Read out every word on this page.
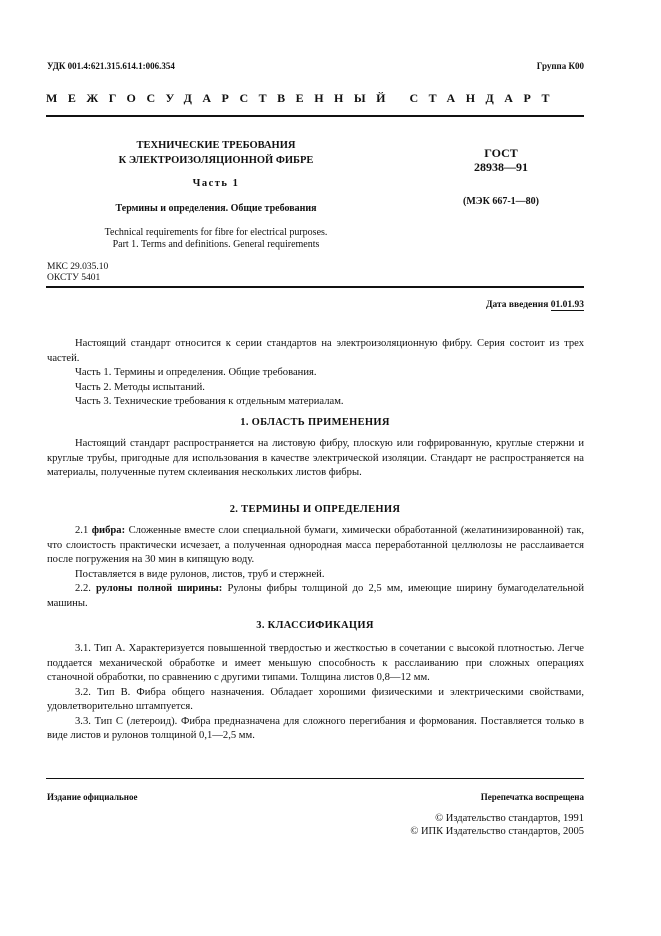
УДК 001.4:621.315.614.1:006.354	Группа К00
МЕЖГОСУДАРСТВЕННЫЙ СТАНДАРТ
ТЕХНИЧЕСКИЕ ТРЕБОВАНИЯ
К ЭЛЕКТРОИЗОЛЯЦИОННОЙ ФИБРЕ
Часть 1
Термины и определения. Общие требования
Technical requirements for fibre for electrical purposes.
Part 1. Terms and definitions. General requirements
ГОСТ
28938—91
(МЭК 667-1—80)
МКС 29.035.10
ОКСТУ 5401
Дата введения 01.01.93

Настоящий стандарт относится к серии стандартов на электроизоляционную фибру. Серия состоит из трех частей.

Часть 1. Термины и определения. Общие требования.

Часть 2. Методы испытаний.

Часть 3. Технические требования к отдельным материалам.

1. ОБЛАСТЬ ПРИМЕНЕНИЯ

Настоящий стандарт распространяется на листовую фибру, плоскую или гофрированную, круглые стержни и круглые трубы, пригодные для использования в качестве электрической изоляции. Стандарт не распространяется на материалы, полученные путем склеивания нескольких листов фибры.

2. ТЕРМИНЫ И ОПРЕДЕЛЕНИЯ

2.1 фибра: Сложенные вместе слои специальной бумаги, химически обработанной (желатинизированной) так, что слоистость практически исчезает, а полученная однородная масса переработанной целлюлозы не расслаивается после погружения на 30 мин в кипящую воду.

Поставляется в виде рулонов, листов, труб и стержней.

2.2. рулоны полной ширины: Рулоны фибры толщиной до 2,5 мм, имеющие ширину бумагоделательной машины.

3. КЛАССИФИКАЦИЯ

3.1. Тип А. Характеризуется повышенной твердостью и жесткостью в сочетании с высокой плотностью. Легче поддается механической обработке и имеет меньшую способность к расслаиванию при сложных операциях станочной обработки, по сравнению с другими типами. Толщина листов 0,8—12 мм.

3.2. Тип В. Фибра общего назначения. Обладает хорошими физическими и электрическими свойствами, удовлетворительно штампуется.

3.3. Тип С (летероид). Фибра предназначена для сложного перегибания и формования. Поставляется только в виде листов и рулонов толщиной 0,1—2,5 мм.

Издание официальное	Перепечатка воспрещена
© Издательство стандартов, 1991
© ИПК Издательство стандартов, 2005
